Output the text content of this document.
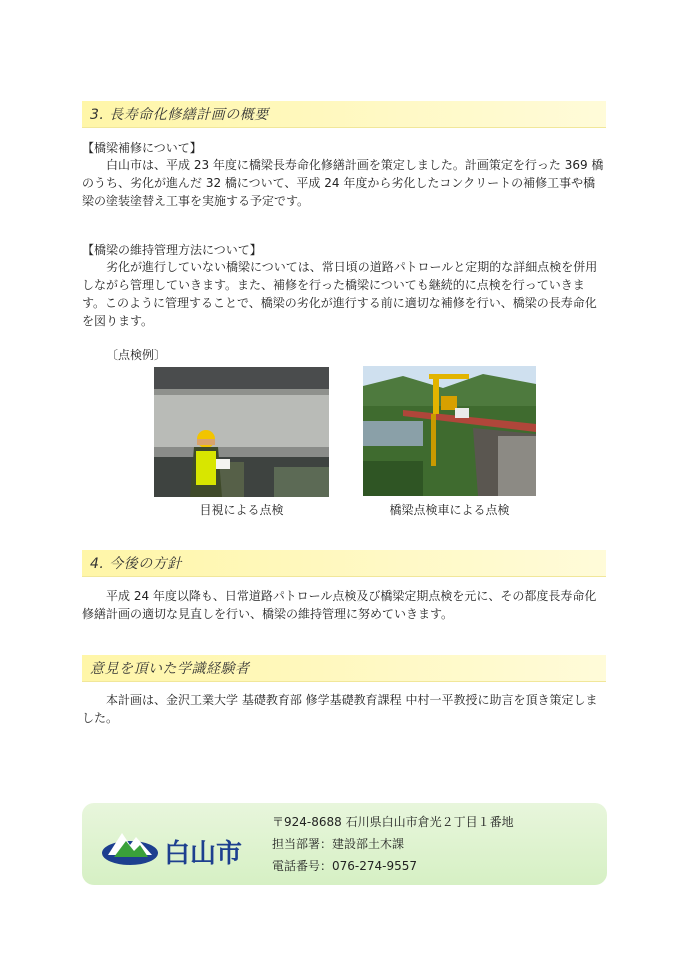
3. 長寿命化修繕計画の概要
【橋梁補修について】

白山市は、平成 23 年度に橋梁長寿命化修繕計画を策定しました。計画策定を行った 369 橋のうち、劣化が進んだ 32 橋について、平成 24 年度から劣化したコンクリートの補修工事や橋梁の塗装塗替え工事を実施する予定です。

【橋梁の維持管理方法について】

劣化が進行していない橋梁については、常日頃の道路パトロールと定期的な詳細点検を併用しながら管理していきます。また、補修を行った橋梁についても継続的に点検を行っていきます。このように管理することで、橋梁の劣化が進行する前に適切な補修を行い、橋梁の長寿命化を図ります。

〔点検例〕
目視による点検	橋梁点検車による点検
4. 今後の方針

平成 24 年度以降も、日常道路パトロール点検及び橋梁定期点検を元に、その都度長寿命化修繕計画の適切な見直しを行い、橋梁の維持管理に努めていきます。

意見を頂いた学識経験者

本計画は、金沢工業大学 基礎教育部 修学基礎教育課程 中村一平教授に助言を頂き策定しました。

白山市
〒924-8688 石川県白山市倉光２丁目１番地
担当部署：建設部土木課
電話番号：076-274-9557
